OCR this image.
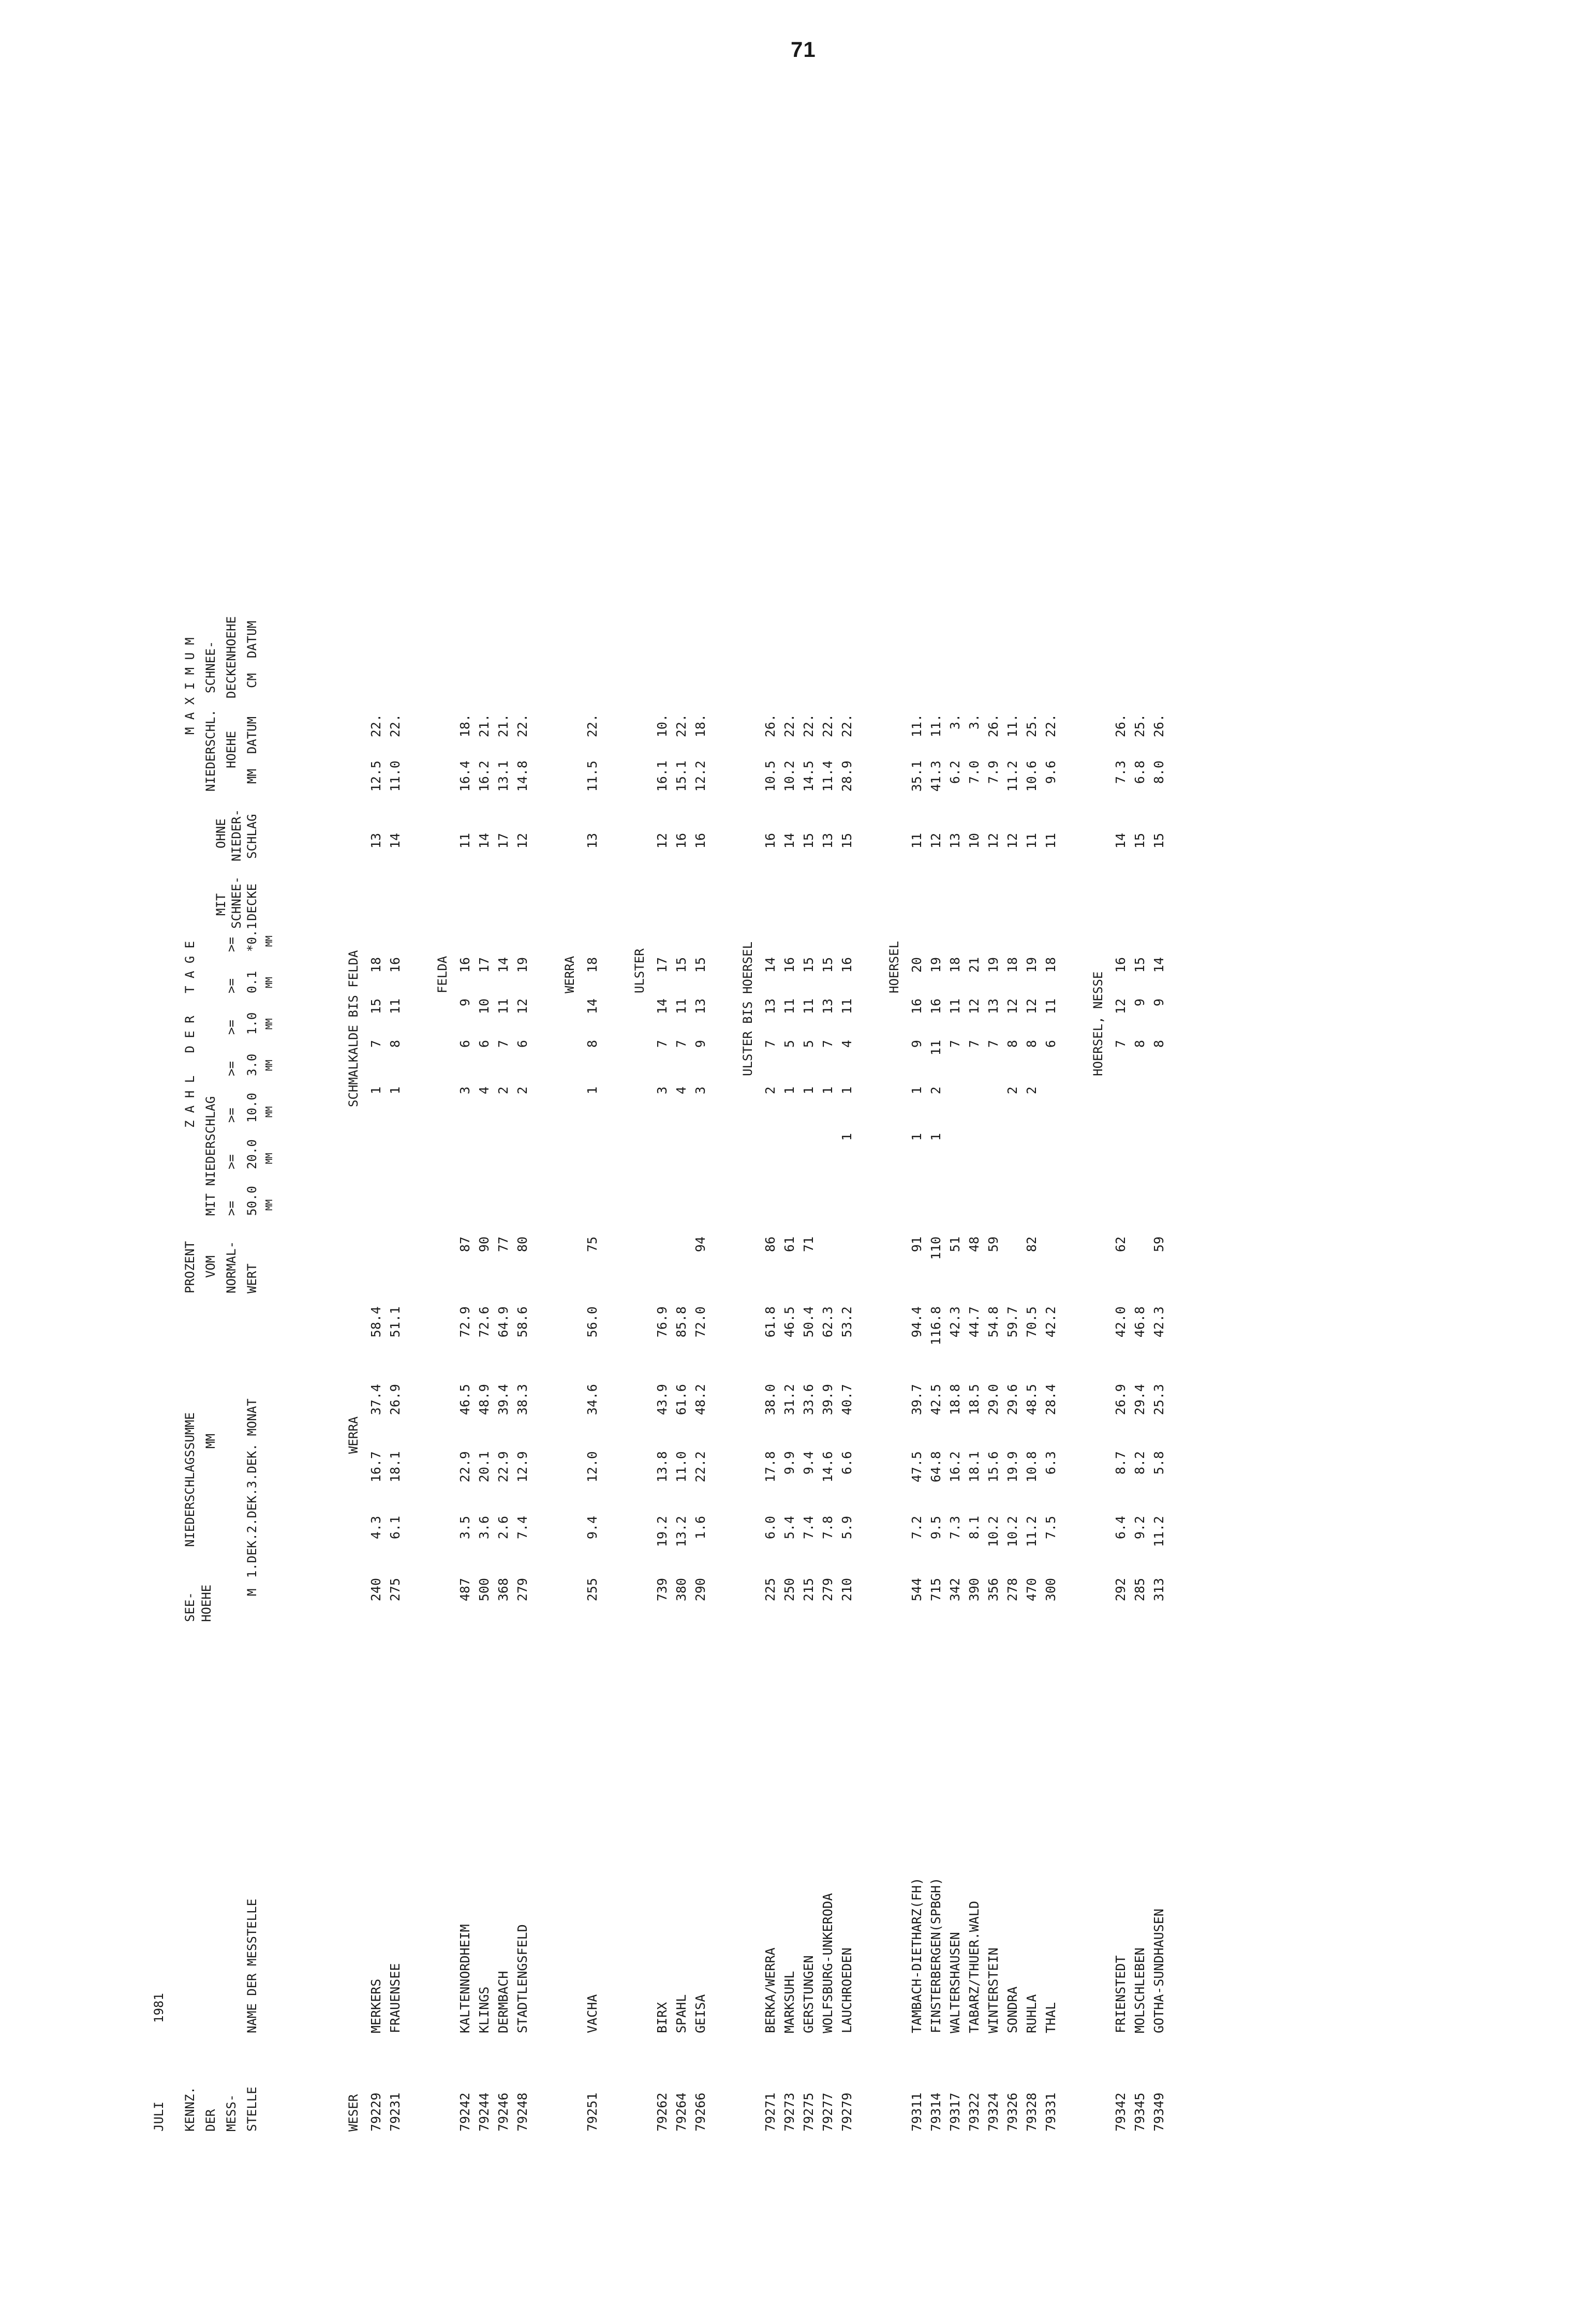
71
JULI
1981
KENNZ. DER MESS- STELLE
NAME DER MESSTELLE
SEE- HOEHE	M
NIEDERSCHLAGSSUMME MM 1.DEK.2.DEK.3.DEK. MONAT
PROZENT VOM NORMAL- WERT
Z A H L   D E R   T A G E
MIT NIEDERSCHLAG
MIT SCHNEE- DECKE
OHNE NIEDER- SCHLAG
>=
>=
>=
>=
>=
>=
>=
50.0
20.0
10.0
3.0
1.0
0.1
*0.1
MM
MM
MM
MM
MM
MM
MM
M A X I M U M
NIEDERSCHL. HOEHE MM  DATUM
SCHNEE- DECKENHOEHE CM  DATUM
WESER
WERRA
SCHMALKALDE BIS FELDA
79229
MERKERS
240
4.3
16.7
37.4
58.4
1
7
15
18
13
12.5
22.
79231
FRAUENSEE
275
6.1
18.1
26.9
51.1
1
8
11
16
14
11.0
22.
FELDA
79242
KALTENNORDHEIM
487
3.5
22.9
46.5
72.9
87
3
6
9
16
11
16.4
18.
79244
KLINGS
500
3.6
20.1
48.9
72.6
90
4
6
10
17
14
16.2
21.
79246
DERMBACH
368
2.6
22.9
39.4
64.9
77
2
7
11
14
17
13.1
21.
79248
STADTLENGSFELD
279
7.4
12.9
38.3
58.6
80
2
6
12
19
12
14.8
22.
WERRA
79251
VACHA
255
9.4
12.0
34.6
56.0
75
1
8
14
18
13
11.5
22.
ULSTER
79262
BIRX
739
19.2
13.8
43.9
76.9
3
7
14
17
12
16.1
10.
79264
SPAHL
380
13.2
11.0
61.6
85.8
4
7
11
15
16
15.1
22.
79266
GEISA
290
1.6
22.2
48.2
72.0
94
3
9
13
15
16
12.2
18.
ULSTER BIS HOERSEL
79271
BERKA/WERRA
225
6.0
17.8
38.0
61.8
86
2
7
13
14
16
10.5
26.
79273
MARKSUHL
250
5.4
9.9
31.2
46.5
61
1
5
11
16
14
10.2
22.
79275
GERSTUNGEN
215
7.4
9.4
33.6
50.4
71
1
5
11
15
15
14.5
22.
79277
WOLFSBURG-UNKERODA
279
7.8
14.6
39.9
62.3
1
7
13
15
13
11.4
22.
79279
LAUCHROEDEN
210
5.9
6.6
40.7
53.2
1
1
4
11
16
15
28.9
22.
HOERSEL
79311
TAMBACH-DIETHARZ(FH)
544
7.2
47.5
39.7
94.4
91
1
1
9
16
20
11
35.1
11.
79314
FINSTERBERGEN(SPBGH)
715
9.5
64.8
42.5
116.8
110
1
2
11
16
19
12
41.3
11.
79317
WALTERSHAUSEN
342
7.3
16.2
18.8
42.3
51
7
11
18
13
6.2
3.
79322
TABARZ/THUER.WALD
390
8.1
18.1
18.5
44.7
48
7
12
21
10
7.0
3.
79324
WINTERSTEIN
356
10.2
15.6
29.0
54.8
59
7
13
19
12
7.9
26.
79326
SONDRA
278
10.2
19.9
29.6
59.7
2
8
12
18
12
11.2
11.
79328
RUHLA
470
11.2
10.8
48.5
70.5
82
2
8
12
19
11
10.6
25.
79331
THAL
300
7.5
6.3
28.4
42.2
6
11
18
11
9.6
22.
HOERSEL, NESSE
79342
FRIENSTEDT
292
6.4
8.7
26.9
42.0
62
7
12
16
14
7.3
26.
79345
MOLSCHLEBEN
285
9.2
8.2
29.4
46.8
8
9
15
15
6.8
25.
79349
GOTHA-SUNDHAUSEN
313
11.2
5.8
25.3
42.3
59
8
9
14
15
8.0
26.
